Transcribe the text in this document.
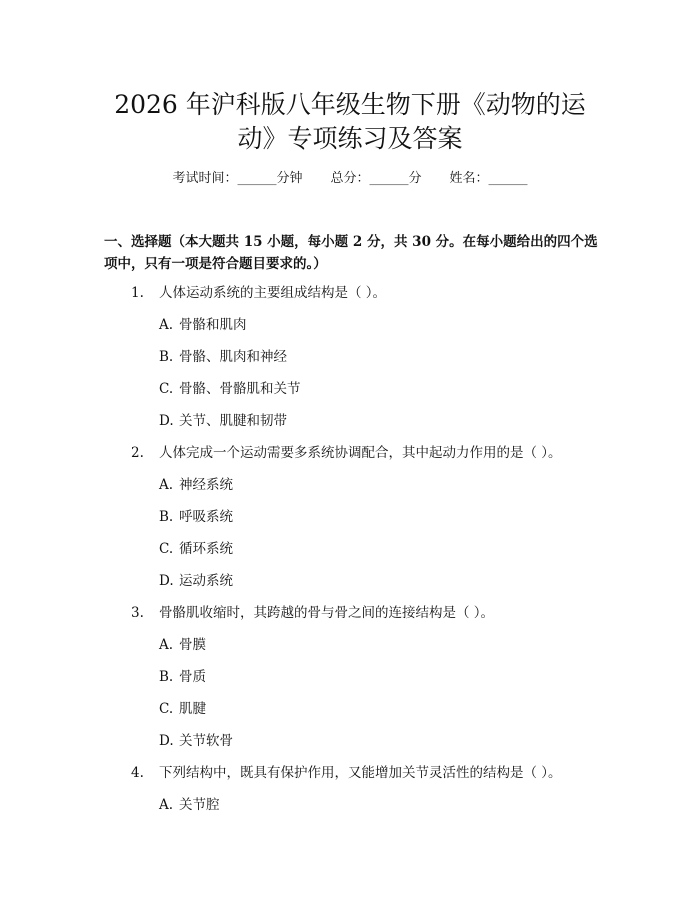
2026 年沪科版八年级生物下册《动物的运
动》专项练习及答案
考试时间：______分钟 总分：______分 姓名：______
一、选择题（本大题共 15 小题，每小题 2 分，共 30 分。在每小题给出的四个选
项中，只有一项是符合题目要求的。）
1. 人体运动系统的主要组成结构是（ ）。
A. 骨骼和肌肉
B. 骨骼、肌肉和神经
C. 骨骼、骨骼肌和关节
D. 关节、肌腱和韧带
2. 人体完成一个运动需要多系统协调配合，其中起动力作用的是（ ）。
A. 神经系统
B. 呼吸系统
C. 循环系统
D. 运动系统
3. 骨骼肌收缩时，其跨越的骨与骨之间的连接结构是（ ）。
A. 骨膜
B. 骨质
C. 肌腱
D. 关节软骨
4. 下列结构中，既具有保护作用，又能增加关节灵活性的结构是（ ）。
A. 关节腔
